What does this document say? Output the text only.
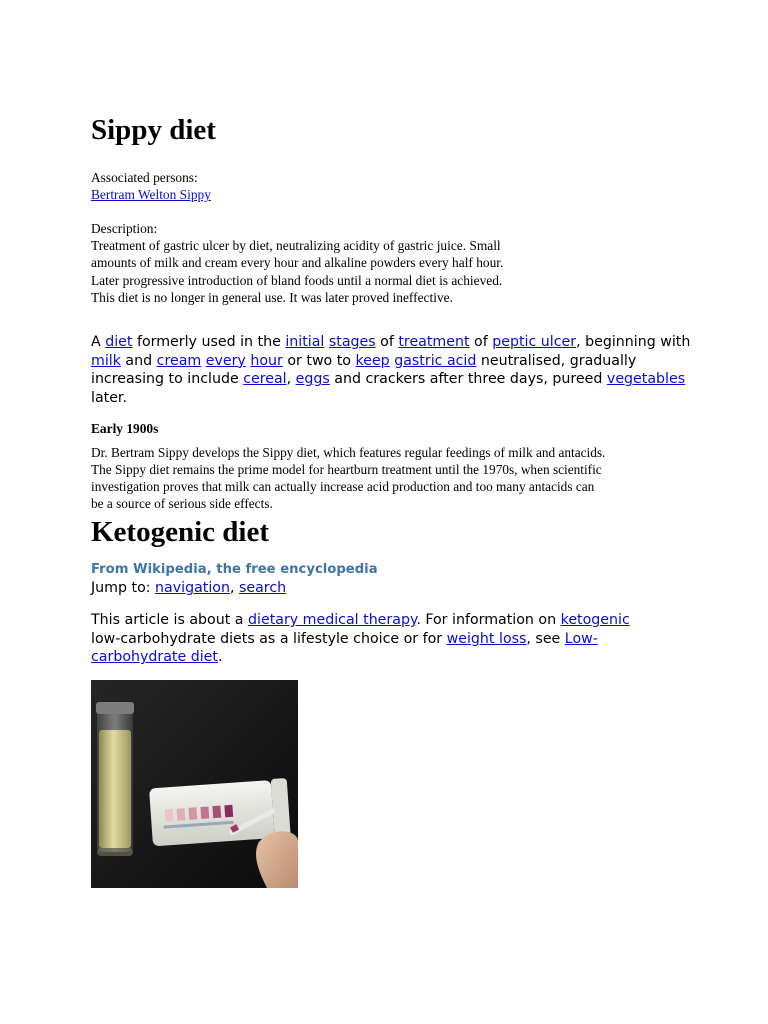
Sippy diet
Associated persons:
Bertram Welton Sippy
Description:
Treatment of gastric ulcer by diet, neutralizing acidity of gastric juice. Small
amounts of milk and cream every hour and alkaline powders every half hour.
Later progressive introduction of bland foods until a normal diet is achieved.
This diet is no longer in general use. It was later proved ineffective.
A diet formerly used in the initial stages of treatment of peptic ulcer, beginning with
milk and cream every hour or two to keep gastric acid neutralised, gradually increasing to include cereal, eggs and crackers after three days, pureed vegetables
later.
Early 1900s
Dr. Bertram Sippy develops the Sippy diet, which features regular feedings of milk and antacids.
The Sippy diet remains the prime model for heartburn treatment until the 1970s, when scientific
investigation proves that milk can actually increase acid production and too many antacids can
be a source of serious side effects.
Ketogenic diet
From Wikipedia, the free encyclopedia
Jump to: navigation, search
This article is about a dietary medical therapy. For information on ketogenic low-carbohydrate diets as a lifestyle choice or for weight loss, see Low-carbohydrate diet.
